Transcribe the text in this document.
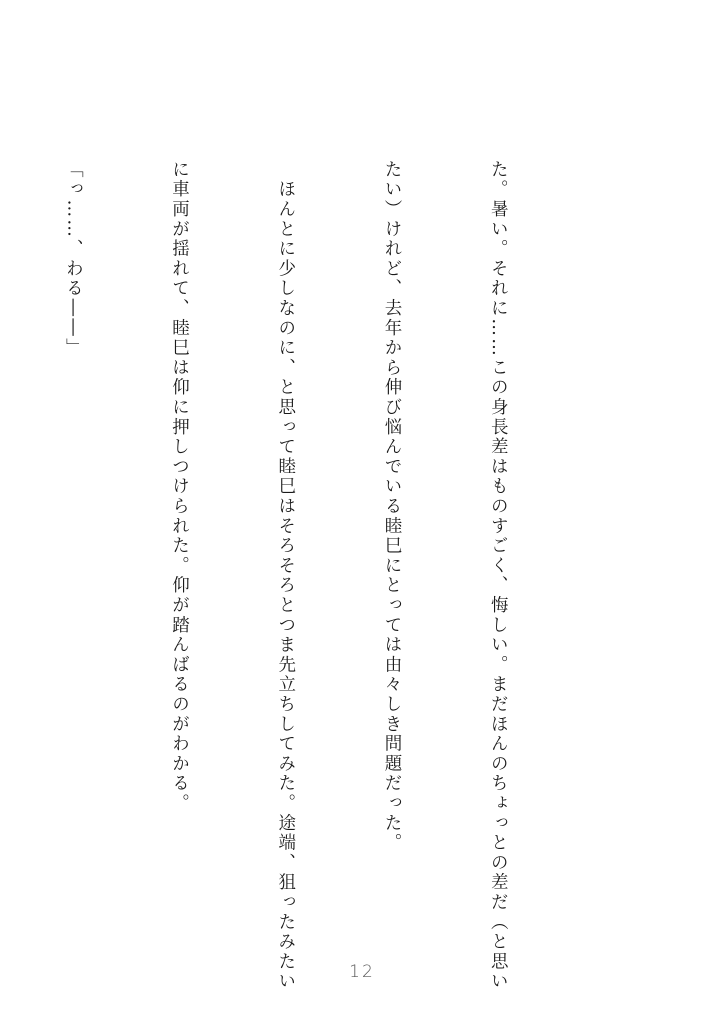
た。暑い。それに……この身長差はものすごく、悔しい。まだほんのちょっとの差だ（と思い

たい）けれど、去年から伸び悩んでいる睦巳にとっては由々しき問題だった。

　ほんとに少しなのに、と思って睦巳はそろそろとつま先立ちしてみた。途端、狙ったみたい

に車両が揺れて、睦巳は仰に押しつけられた。仰が踏んばるのがわかる。

「っ……、わる――」

12
